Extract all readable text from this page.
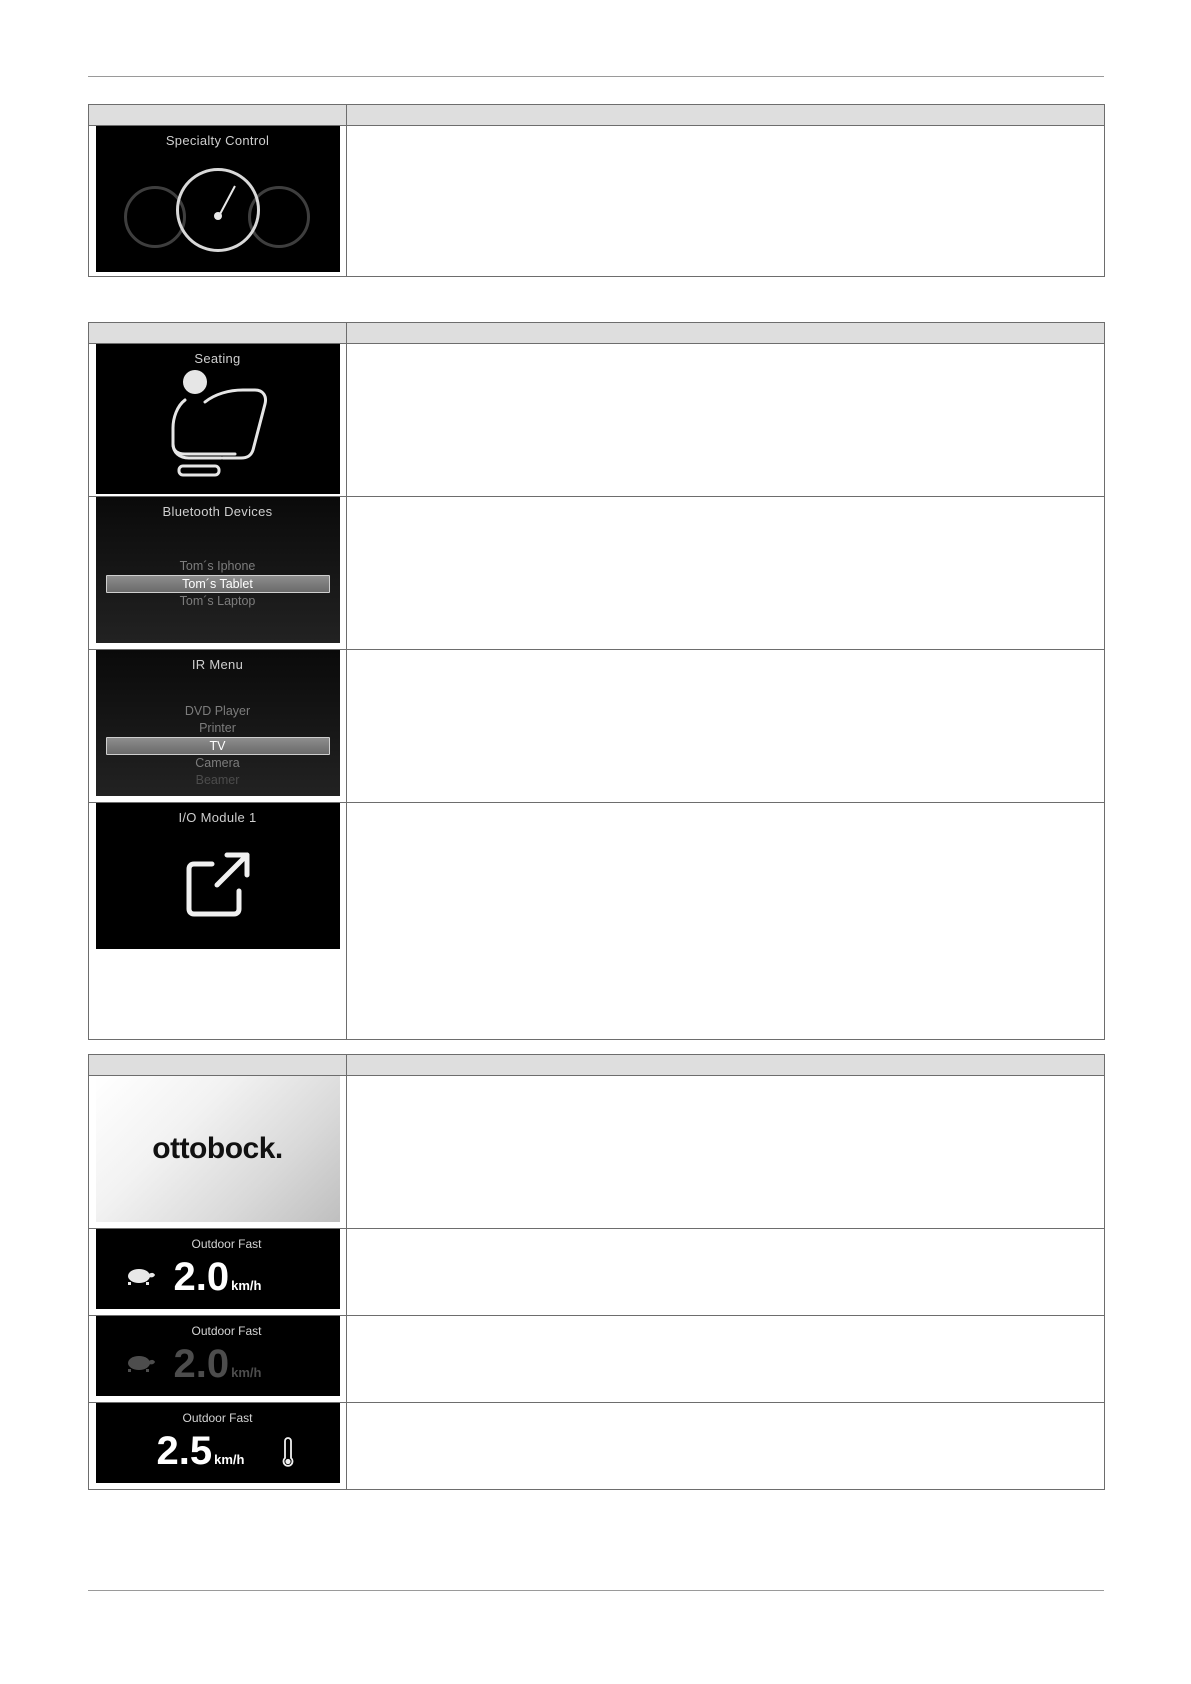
Specialty Control	

Seating	

Bluetooth Devices
Tom´s Iphone
Tom´s Tablet
Tom´s Laptop	

IR Menu
DVD Player
Printer
TV
Camera
Beamer

I/O Module 1	

ottobock.	

Outdoor Fast
2.0 km/h	

Outdoor Fast
2.0 km/h	

Outdoor Fast
2.5 km/h	
